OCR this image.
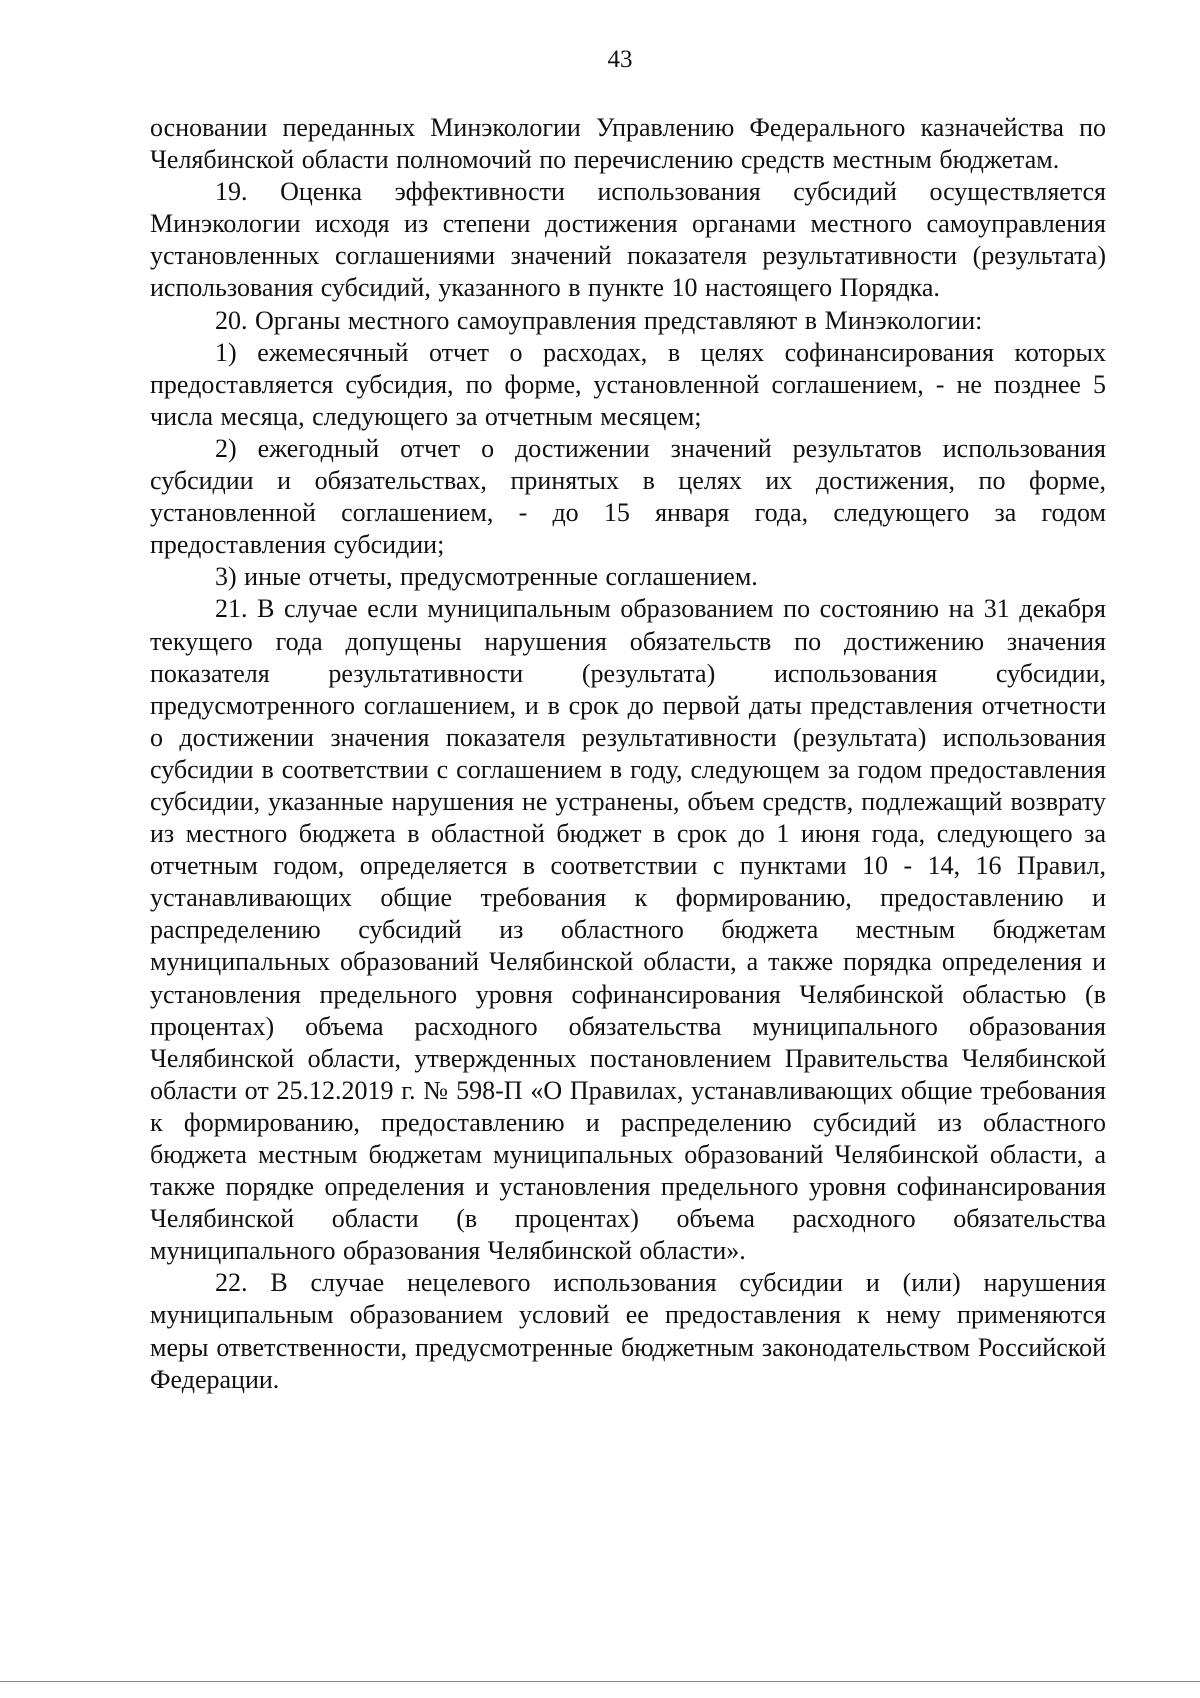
43

основании переданных Минэкологии Управлению Федерального казначейства по Челябинской области полномочий по перечислению средств местным бюджетам.

19. Оценка эффективности использования субсидий осуществляется Минэкологии исходя из степени достижения органами местного самоуправления установленных соглашениями значений показателя результативности (результата) использования субсидий, указанного в пункте 10 настоящего Порядка.

20. Органы местного самоуправления представляют в Минэкологии:

1) ежемесячный отчет о расходах, в целях софинансирования которых предоставляется субсидия, по форме, установленной соглашением, - не позднее 5 числа месяца, следующего за отчетным месяцем;

2) ежегодный отчет о достижении значений результатов использования субсидии и обязательствах, принятых в целях их достижения, по форме, установленной соглашением, - до 15 января года, следующего за годом предоставления субсидии;

3) иные отчеты, предусмотренные соглашением.

21. В случае если муниципальным образованием по состоянию на 31 декабря текущего года допущены нарушения обязательств по достижению значения показателя результативности (результата) использования субсидии, предусмотренного соглашением, и в срок до первой даты представления отчетности о достижении значения показателя результативности (результата) использования субсидии в соответствии с соглашением в году, следующем за годом предоставления субсидии, указанные нарушения не устранены, объем средств, подлежащий возврату из местного бюджета в областной бюджет в срок до 1 июня года, следующего за отчетным годом, определяется в соответствии с пунктами 10 - 14, 16 Правил, устанавливающих общие требования к формированию, предоставлению и распределению субсидий из областного бюджета местным бюджетам муниципальных образований Челябинской области, а также порядка определения и установления предельного уровня софинансирования Челябинской областью (в процентах) объема расходного обязательства муниципального образования Челябинской области, утвержденных постановлением Правительства Челябинской области от 25.12.2019 г. № 598-П «О Правилах, устанавливающих общие требования к формированию, предоставлению и распределению субсидий из областного бюджета местным бюджетам муниципальных образований Челябинской области, а также порядке определения и установления предельного уровня софинансирования Челябинской области (в процентах) объема расходного обязательства муниципального образования Челябинской области».

22. В случае нецелевого использования субсидии и (или) нарушения муниципальным образованием условий ее предоставления к нему применяются меры ответственности, предусмотренные бюджетным законодательством Российской Федерации.
